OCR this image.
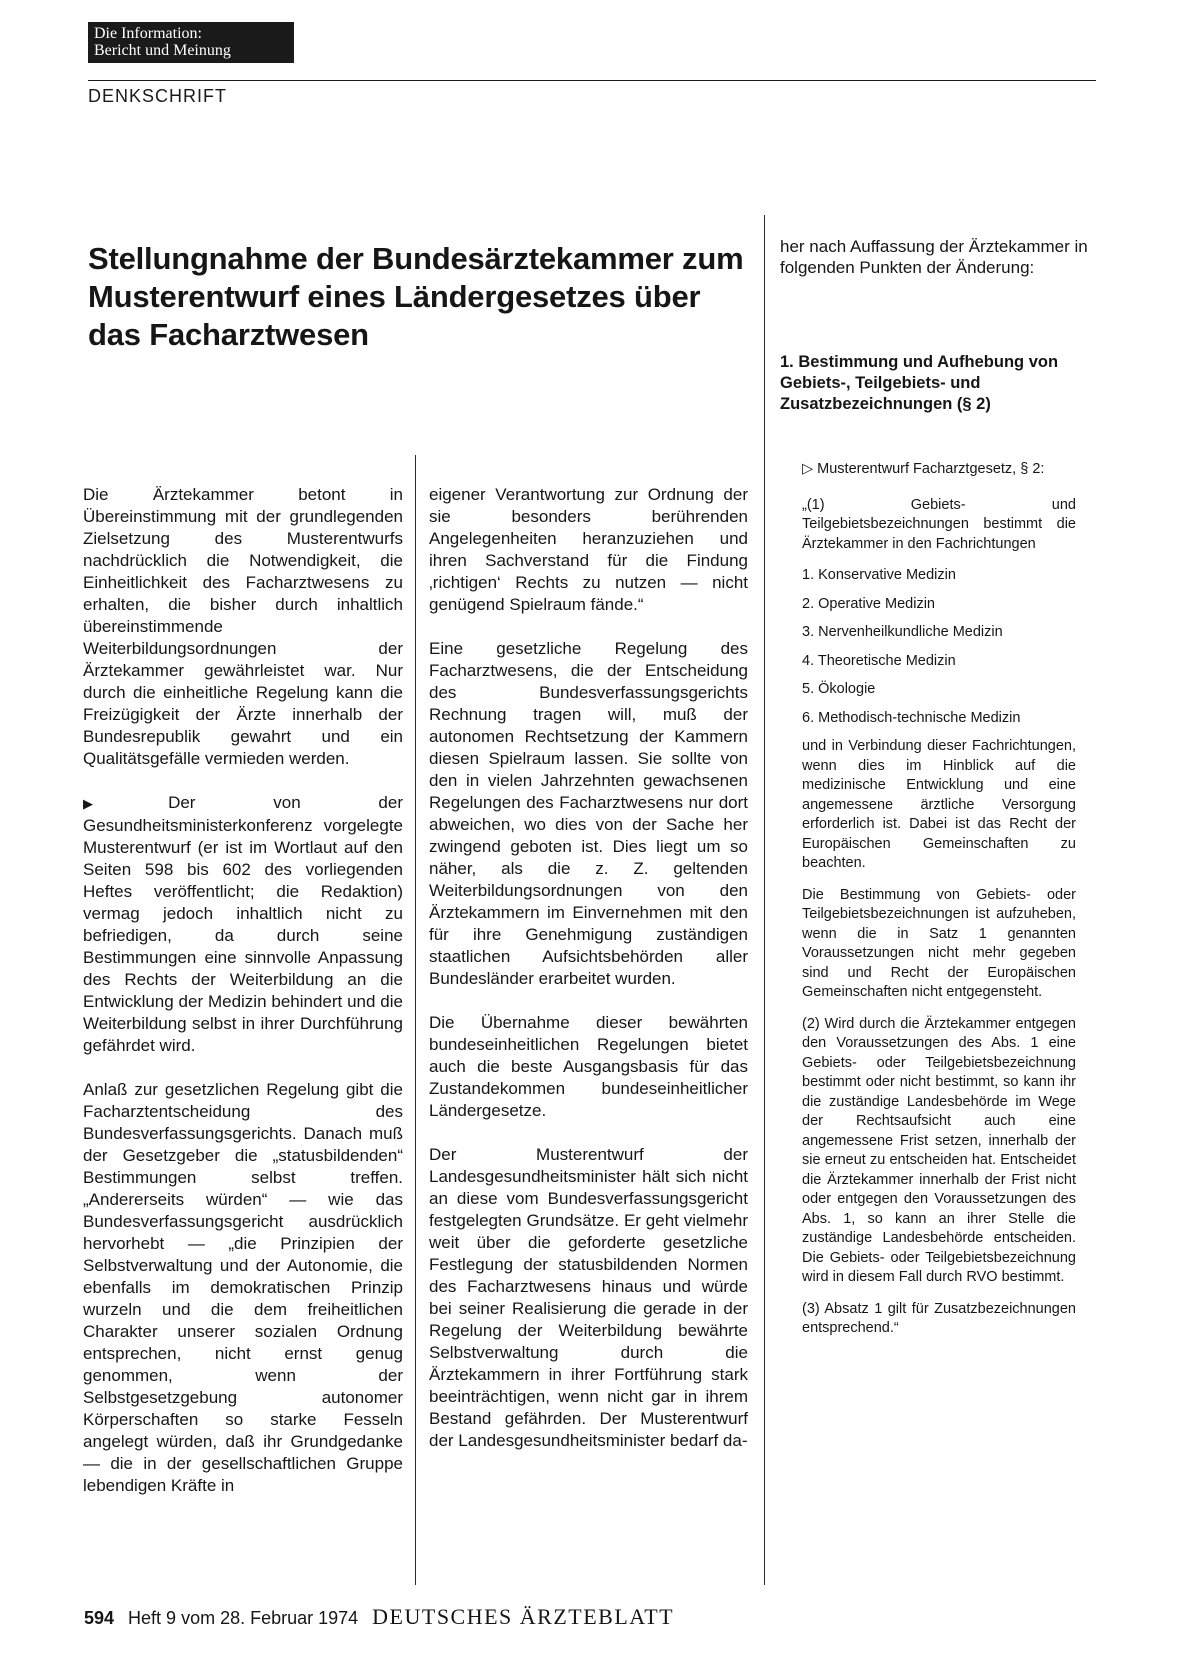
Die Information:
Bericht und Meinung
DENKSCHRIFT
Stellungnahme der Bundesärztekammer zum Musterentwurf eines Ländergesetzes über das Facharztwesen

Die Ärztekammer betont in Übereinstimmung mit der grundlegenden Zielsetzung des Musterentwurfs nachdrücklich die Notwendigkeit, die Einheitlichkeit des Facharztwesens zu erhalten, die bisher durch inhaltlich übereinstimmende Weiterbildungsordnungen der Ärztekammer gewährleistet war. Nur durch die einheitliche Regelung kann die Freizügigkeit der Ärzte innerhalb der Bundesrepublik gewahrt und ein Qualitätsgefälle vermieden werden.

▶ Der von der Gesundheitsministerkonferenz vorgelegte Musterentwurf (er ist im Wortlaut auf den Seiten 598 bis 602 des vorliegenden Heftes veröffentlicht; die Redaktion) vermag jedoch inhaltlich nicht zu befriedigen, da durch seine Bestimmungen eine sinnvolle Anpassung des Rechts der Weiterbildung an die Entwicklung der Medizin behindert und die Weiterbildung selbst in ihrer Durchführung gefährdet wird.

Anlaß zur gesetzlichen Regelung gibt die Facharztentscheidung des Bundesverfassungsgerichts. Danach muß der Gesetzgeber die „statusbildenden“ Bestimmungen selbst treffen. „Andererseits würden“ — wie das Bundesverfassungsgericht ausdrücklich hervorhebt — „die Prinzipien der Selbstverwaltung und der Autonomie, die ebenfalls im demokratischen Prinzip wurzeln und die dem freiheitlichen Charakter unserer sozialen Ordnung entsprechen, nicht ernst genug genommen, wenn der Selbstgesetzgebung autonomer Körperschaften so starke Fesseln angelegt würden, daß ihr Grundgedanke — die in der gesellschaftlichen Gruppe lebendigen Kräfte in

eigener Verantwortung zur Ordnung der sie besonders berührenden Angelegenheiten heranzuziehen und ihren Sachverstand für die Findung ‚richtigen‘ Rechts zu nutzen — nicht genügend Spielraum fände.“

Eine gesetzliche Regelung des Facharztwesens, die der Entscheidung des Bundesverfassungsgerichts Rechnung tragen will, muß der autonomen Rechtsetzung der Kammern diesen Spielraum lassen. Sie sollte von den in vielen Jahrzehnten gewachsenen Regelungen des Facharztwesens nur dort abweichen, wo dies von der Sache her zwingend geboten ist. Dies liegt um so näher, als die z. Z. geltenden Weiterbildungsordnungen von den Ärztekammern im Einvernehmen mit den für ihre Genehmigung zuständigen staatlichen Aufsichtsbehörden aller Bundesländer erarbeitet wurden.

Die Übernahme dieser bewährten bundeseinheitlichen Regelungen bietet auch die beste Ausgangsbasis für das Zustandekommen bundeseinheitlicher Ländergesetze.

Der Musterentwurf der Landesgesundheitsminister hält sich nicht an diese vom Bundesverfassungsgericht festgelegten Grundsätze. Er geht vielmehr weit über die geforderte gesetzliche Festlegung der statusbildenden Normen des Facharztwesens hinaus und würde bei seiner Realisierung die gerade in der Regelung der Weiterbildung bewährte Selbstverwaltung durch die Ärztekammern in ihrer Fortführung stark beeinträchtigen, wenn nicht gar in ihrem Bestand gefährden. Der Musterentwurf der Landesgesundheitsminister bedarf da-

her nach Auffassung der Ärztekammer in folgenden Punkten der Änderung:

1. Bestimmung und Aufhebung von Gebiets-, Teilgebiets- und Zusatzbezeichnungen (§ 2)

▷ Musterentwurf Facharztgesetz, § 2:

„(1) Gebiets- und Teilgebietsbezeichnungen bestimmt die Ärztekammer in den Fachrichtungen

1. Konservative Medizin
2. Operative Medizin
3. Nervenheilkundliche Medizin
4. Theoretische Medizin
5. Ökologie
6. Methodisch-technische Medizin

und in Verbindung dieser Fachrichtungen, wenn dies im Hinblick auf die medizinische Entwicklung und eine angemessene ärztliche Versorgung erforderlich ist. Dabei ist das Recht der Europäischen Gemeinschaften zu beachten.

Die Bestimmung von Gebiets- oder Teilgebietsbezeichnungen ist aufzuheben, wenn die in Satz 1 genannten Voraussetzungen nicht mehr gegeben sind und Recht der Europäischen Gemeinschaften nicht entgegensteht.

(2) Wird durch die Ärztekammer entgegen den Voraussetzungen des Abs. 1 eine Gebiets- oder Teilgebietsbezeichnung bestimmt oder nicht bestimmt, so kann ihr die zuständige Landesbehörde im Wege der Rechtsaufsicht auch eine angemessene Frist setzen, innerhalb der sie erneut zu entscheiden hat. Entscheidet die Ärztekammer innerhalb der Frist nicht oder entgegen den Voraussetzungen des Abs. 1, so kann an ihrer Stelle die zuständige Landesbehörde entscheiden. Die Gebiets- oder Teilgebietsbezeichnung wird in diesem Fall durch RVO bestimmt.

(3) Absatz 1 gilt für Zusatzbezeichnungen entsprechend.“

594 Heft 9 vom 28. Februar 1974 DEUTSCHES ÄRZTEBLATT
